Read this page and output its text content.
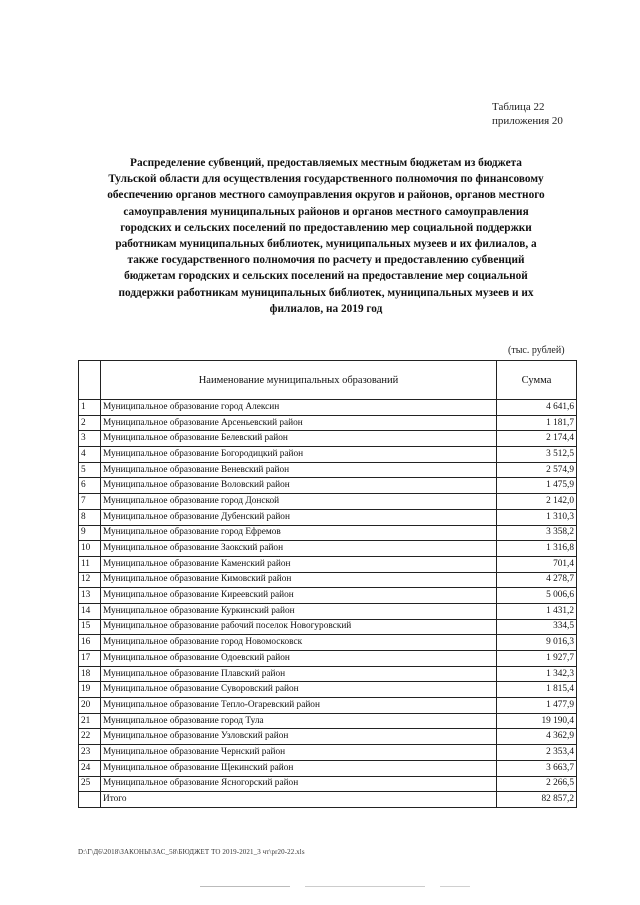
Таблица 22
приложения 20
Распределение субвенций, предоставляемых местным бюджетам из бюджета
Тульской области для осуществления государственного полномочия по финансовому
обеспечению органов местного самоуправления округов и районов, органов местного
самоуправления муниципальных районов и органов местного самоуправления
городских и сельских поселений по предоставлению мер социальной поддержки
работникам муниципальных библиотек, муниципальных музеев и их филиалов, а
также государственного полномочия по расчету и предоставлению субвенций
бюджетам городских и сельских поселений на предоставление мер социальной
поддержки работникам муниципальных библиотек, муниципальных музеев и их
филиалов, на 2019 год
(тыс. рублей)
	Наименование муниципальных образований	Сумма
1	Муниципальное образование город Алексин	4 641,6
2	Муниципальное образование Арсеньевский район	1 181,7
3	Муниципальное образование Белевский район	2 174,4
4	Муниципальное образование Богородицкий район	3 512,5
5	Муниципальное образование Веневский район	2 574,9
6	Муниципальное образование Воловский район	1 475,9
7	Муниципальное образование город Донской	2 142,0
8	Муниципальное образование Дубенский район	1 310,3
9	Муниципальное образование город Ефремов	3 358,2
10	Муниципальное образование Заокский район	1 316,8
11	Муниципальное образование Каменский район	701,4
12	Муниципальное образование Кимовский район	4 278,7
13	Муниципальное образование Киреевский район	5 006,6
14	Муниципальное образование Куркинский район	1 431,2
15	Муниципальное образование рабочий поселок Новогуровский	334,5
16	Муниципальное образование город Новомосковск	9 016,3
17	Муниципальное образование Одоевский район	1 927,7
18	Муниципальное образование Плавский район	1 342,3
19	Муниципальное образование Суворовский район	1 815,4
20	Муниципальное образование Тепло-Огаревский район	1 477,9
21	Муниципальное образование город Тула	19 190,4
22	Муниципальное образование Узловский район	4 362,9
23	Муниципальное образование Чернский район	2 353,4
24	Муниципальное образование Щекинский район	3 663,7
25	Муниципальное образование Ясногорский район	2 266,5
	Итого	82 857,2
D:\Г\Д6\2018\ЗАКОНЫ\ЗАС_58\БЮДЖЕТ ТО 2019-2021_3 чт\pr20-22.xls
